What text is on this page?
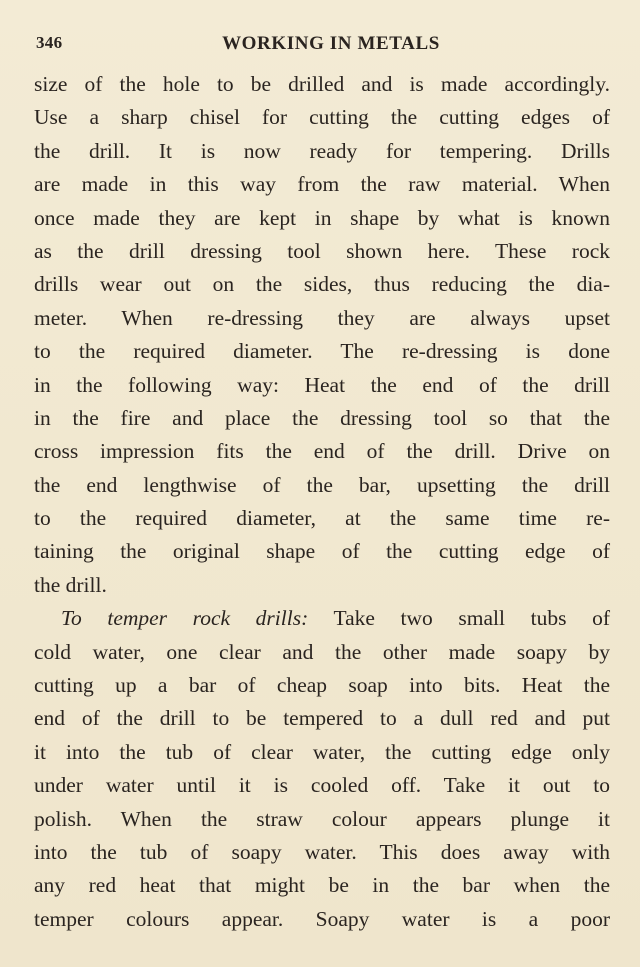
346	WORKING IN METALS
size of the hole to be drilled and is made accordingly.
Use a sharp chisel for cutting the cutting edges of
the drill. It is now ready for tempering. Drills
are made in this way from the raw material. When
once made they are kept in shape by what is known
as the drill dressing tool shown here. These rock
drills wear out on the sides, thus reducing the dia-
meter. When re-dressing they are always upset
to the required diameter. The re-dressing is done
in the following way: Heat the end of the drill
in the fire and place the dressing tool so that the
cross impression fits the end of the drill. Drive on
the end lengthwise of the bar, upsetting the drill
to the required diameter, at the same time re-
taining the original shape of the cutting edge of
the drill.
To temper rock drills: Take two small tubs of
cold water, one clear and the other made soapy by
cutting up a bar of cheap soap into bits. Heat the
end of the drill to be tempered to a dull red and put
it into the tub of clear water, the cutting edge only
under water until it is cooled off. Take it out to
polish. When the straw colour appears plunge it
into the tub of soapy water. This does away with
any red heat that might be in the bar when the
temper colours appear. Soapy water is a poor
